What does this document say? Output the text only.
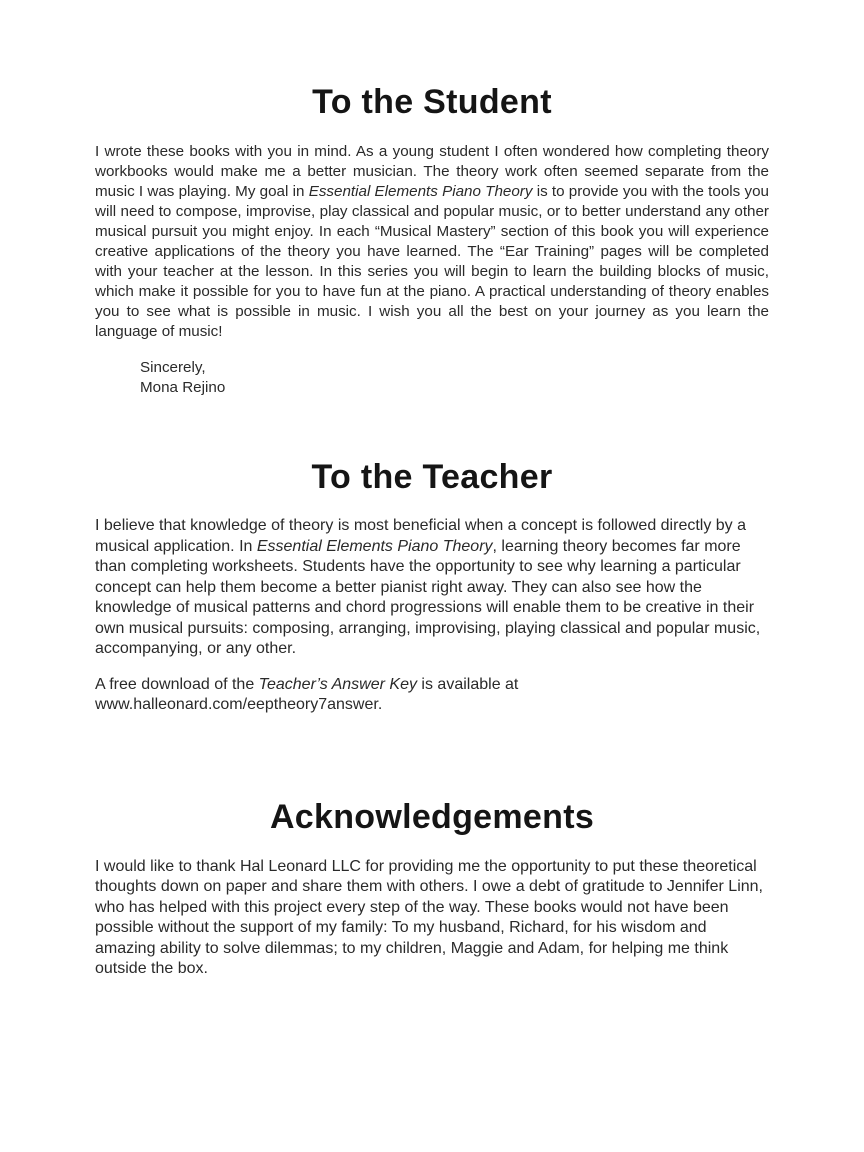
To the Student

I wrote these books with you in mind. As a young student I often wondered how completing theory workbooks would make me a better musician. The theory work often seemed separate from the music I was playing. My goal in Essential Elements Piano Theory is to provide you with the tools you will need to compose, improvise, play classical and popular music, or to better understand any other musical pursuit you might enjoy. In each “Musical Mastery” section of this book you will experience creative applications of the theory you have learned. The “Ear Training” pages will be completed with your teacher at the lesson. In this series you will begin to learn the building blocks of music, which make it possible for you to have fun at the piano. A practical understanding of theory enables you to see what is possible in music. I wish you all the best on your journey as you learn the language of music!

Sincerely,
Mona Rejino
To the Teacher

I believe that knowledge of theory is most beneficial when a concept is followed directly by a musical application. In Essential Elements Piano Theory, learning theory becomes far more than completing worksheets. Students have the opportunity to see why learning a particular concept can help them become a better pianist right away. They can also see how the knowledge of musical patterns and chord progressions will enable them to be creative in their own musical pursuits: composing, arranging, improvising, playing classical and popular music, accompanying, or any other.

A free download of the Teacher’s Answer Key is available at www.halleonard.com/eeptheory7answer.

Acknowledgements

I would like to thank Hal Leonard LLC for providing me the opportunity to put these theoretical thoughts down on paper and share them with others. I owe a debt of gratitude to Jennifer Linn, who has helped with this project every step of the way. These books would not have been possible without the support of my family: To my husband, Richard, for his wisdom and amazing ability to solve dilemmas; to my children, Maggie and Adam, for helping me think outside the box.
